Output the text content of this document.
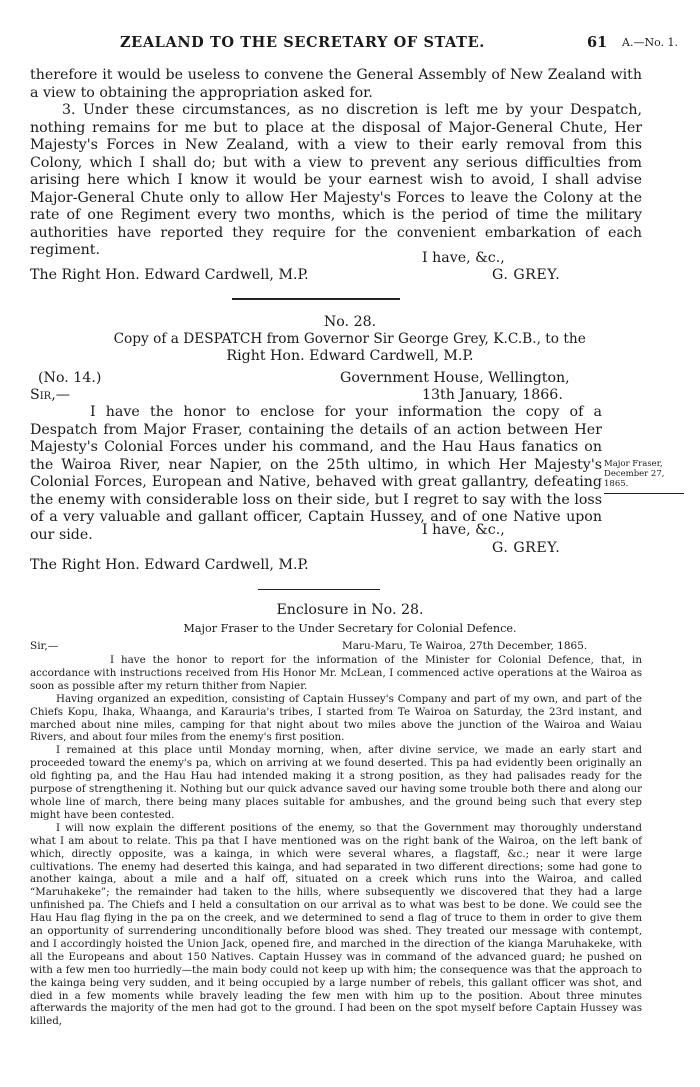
ZEALAND TO THE SECRETARY OF STATE.	61 A.—No. 1.

therefore it would be useless to convene the General Assembly of New Zealand with a view to obtaining the appropriation asked for.

3. Under these circumstances, as no discretion is left me by your Despatch, nothing remains for me but to place at the disposal of Major-General Chute, Her Majesty's Forces in New Zealand, with a view to their early removal from this Colony, which I shall do; but with a view to prevent any serious difficulties from arising here which I know it would be your earnest wish to avoid, I shall advise Major-General Chute only to allow Her Majesty's Forces to leave the Colony at the rate of one Regiment every two months, which is the period of time the military authorities have reported they require for the convenient embarkation of each regiment.	I have, &c.,
The Right Hon. Edward Cardwell, M.P.	G. GREY.
No. 28.
Copy of a DESPATCH from Governor Sir George Grey, K.C.B., to the
Right Hon. Edward Cardwell, M.P.
(No. 14.)	Government House, Wellington,
Sir,—	13th January, 1866.

I have the honor to enclose for your information the copy of a Despatch from Major Fraser, containing the details of an action between Her Majesty's Colonial Forces under his command, and the Hau Haus fanatics on the Wairoa River, near Napier, on the 25th ultimo, in which Her Majesty's Colonial Forces, European and Native, behaved with great gallantry, defeating the enemy with considerable loss on their side, but I regret to say with the loss of a very valuable and gallant officer, Captain Hussey, and of one Native upon our side.

Major Fraser,
December 27,
1865.
I have, &c.,
G. GREY.
The Right Hon. Edward Cardwell, M.P.
Enclosure in No. 28.
Major Fraser to the Under Secretary for Colonial Defence.
Sir,—	Maru-Maru, Te Wairoa, 27th December, 1865.

I have the honor to report for the information of the Minister for Colonial Defence, that, in accordance with instructions received from His Honor Mr. McLean, I commenced active operations at the Wairoa as soon as possible after my return thither from Napier.

Having organized an expedition, consisting of Captain Hussey's Company and part of my own, and part of the Chiefs Kopu, Ihaka, Whaanga, and Karauria's tribes, I started from Te Wairoa on Saturday, the 23rd instant, and marched about nine miles, camping for that night about two miles above the junction of the Wairoa and Waiau Rivers, and about four miles from the enemy's first position.

I remained at this place until Monday morning, when, after divine service, we made an early start and proceeded toward the enemy's pa, which on arriving at we found deserted. This pa had evidently been originally an old fighting pa, and the Hau Hau had intended making it a strong position, as they had palisades ready for the purpose of strengthening it. Nothing but our quick advance saved our having some trouble both there and along our whole line of march, there being many places suitable for ambushes, and the ground being such that every step might have been contested.

I will now explain the different positions of the enemy, so that the Government may thoroughly understand what I am about to relate. This pa that I have mentioned was on the right bank of the Wairoa, on the left bank of which, directly opposite, was a kainga, in which were several whares, a flagstaff, &c.; near it were large cultivations. The enemy had deserted this kainga, and had separated in two different directions; some had gone to another kainga, about a mile and a half off, situated on a creek which runs into the Wairoa, and called “Maruhakeke”; the remainder had taken to the hills, where subsequently we discovered that they had a large unfinished pa. The Chiefs and I held a consultation on our arrival as to what was best to be done. We could see the Hau Hau flag flying in the pa on the creek, and we determined to send a flag of truce to them in order to give them an opportunity of surrendering unconditionally before blood was shed. They treated our message with contempt, and I accordingly hoisted the Union Jack, opened fire, and marched in the direction of the kianga Maruhakeke, with all the Europeans and about 150 Natives. Captain Hussey was in command of the advanced guard; he pushed on with a few men too hurriedly—the main body could not keep up with him; the consequence was that the approach to the kainga being very sudden, and it being occupied by a large number of rebels, this gallant officer was shot, and died in a few moments while bravely leading the few men with him up to the position. About three minutes afterwards the majority of the men had got to the ground. I had been on the spot myself before Captain Hussey was killed,
